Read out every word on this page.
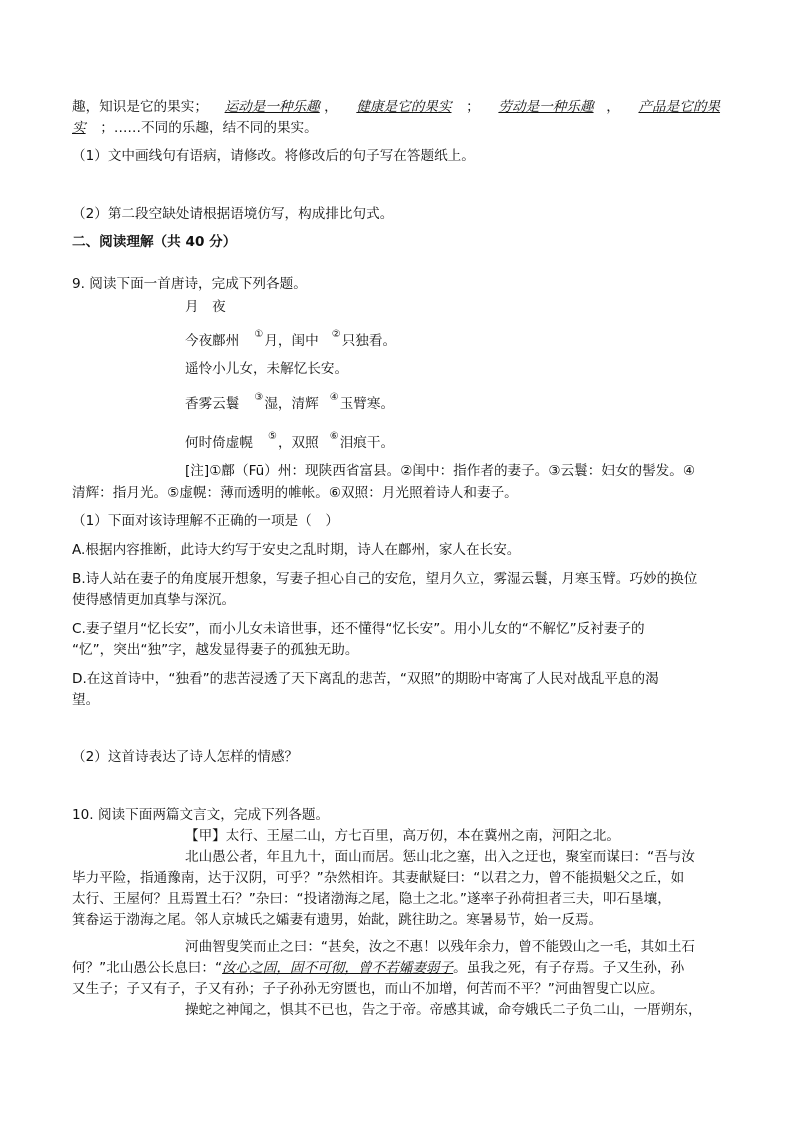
趣，知识是它的果实； 运动是一种乐趣 ， 健康是它的果实 ； 劳动是一种乐趣 ， 产品是它的果
实 ；……不同的乐趣，结不同的果实。
（1）文中画线句有语病，请修改。将修改后的句子写在答题纸上。
（2）第二段空缺处请根据语境仿写，构成排比句式。
二、阅读理解（共 40 分）
9. 阅读下面一首唐诗，完成下列各题。
月　夜
今夜鄜州 ①月，闺中 ②只独看。
遥怜小儿女，未解忆长安。
香雾云鬟 ③湿，清辉 ④玉臂寒。
何时倚虚幌 ⑤，双照 ⑥泪痕干。
[注]①鄜（Fū）州：现陕西省富县。②闺中：指作者的妻子。③云鬟：妇女的髻发。④
清辉：指月光。⑤虚幌：薄而透明的帷帐。⑥双照：月光照着诗人和妻子。
（1）下面对该诗理解不正确的一项是（　）
A.根据内容推断，此诗大约写于安史之乱时期，诗人在鄜州，家人在长安。
B.诗人站在妻子的角度展开想象，写妻子担心自己的安危，望月久立，雾湿云鬟，月寒玉臂。巧妙的换位
使得感情更加真挚与深沉。
C.妻子望月“忆长安”，而小儿女未谙世事，还不懂得“忆长安”。用小儿女的“不解忆”反衬妻子的
“忆”，突出“独”字，越发显得妻子的孤独无助。
D.在这首诗中，“独看”的悲苦浸透了天下离乱的悲苦，“双照”的期盼中寄寓了人民对战乱平息的渴
望。
（2）这首诗表达了诗人怎样的情感？
10. 阅读下面两篇文言文，完成下列各题。
【甲】太行、王屋二山，方七百里，高万仞，本在冀州之南，河阳之北。
北山愚公者，年且九十，面山而居。惩山北之塞，出入之迂也，聚室而谋曰：“吾与汝
毕力平险，指通豫南，达于汉阴，可乎？”杂然相许。其妻献疑曰：“以君之力，曾不能损魁父之丘，如
太行、王屋何？且焉置土石？”杂曰：“投诸渤海之尾，隐土之北。”遂率子孙荷担者三夫，叩石垦壤，
箕畚运于渤海之尾。邻人京城氏之孀妻有遗男，始龀，跳往助之。寒暑易节，始一反焉。
河曲智叟笑而止之曰：“甚矣，汝之不惠！以残年余力，曾不能毁山之一毛，其如土石
何？”北山愚公长息曰：“汝心之固，固不可彻，曾不若孀妻弱子。虽我之死，有子存焉。子又生孙，孙
又生子；子又有子，子又有孙；子子孙孙无穷匮也，而山不加增，何苦而不平？”河曲智叟亡以应。
操蛇之神闻之，惧其不已也，告之于帝。帝感其诚，命夸娥氏二子负二山，一厝朔东，
